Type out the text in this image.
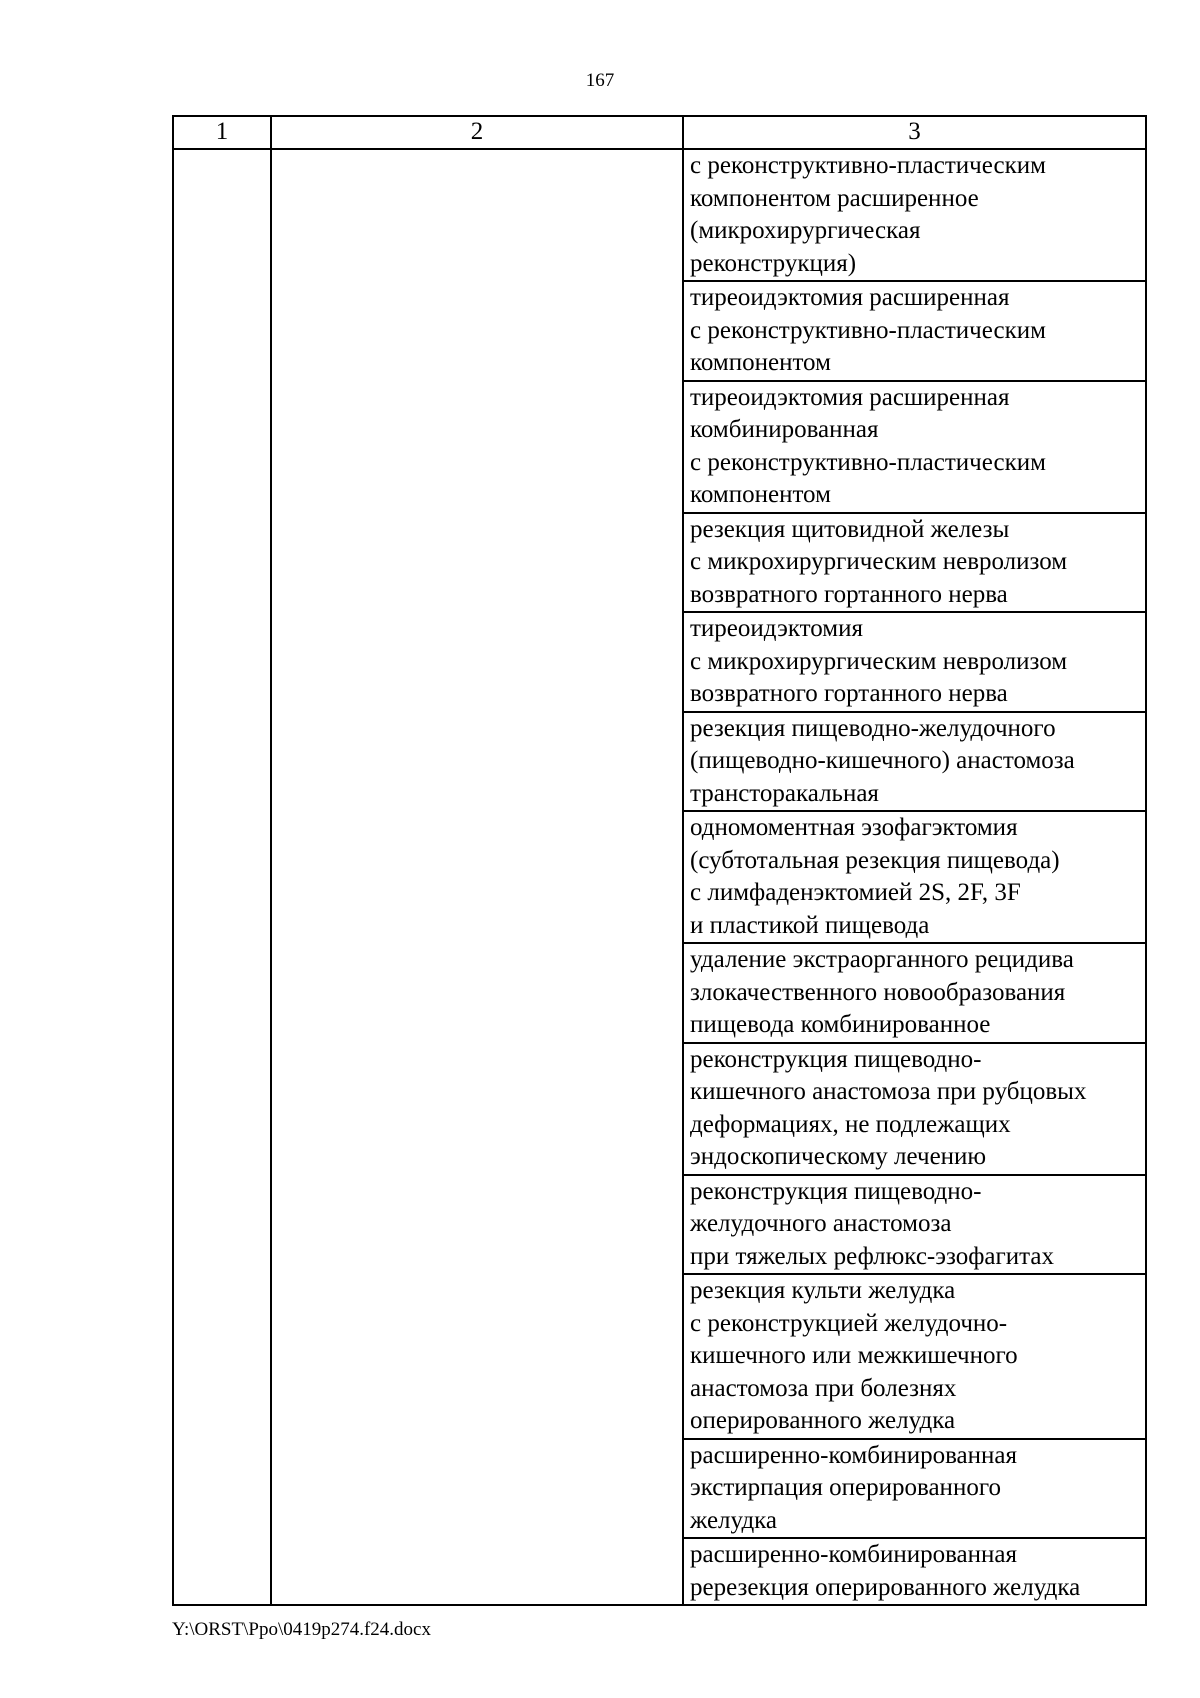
167
1	2	3

		с реконструктивно-пластическим
компонентом расширенное
(микрохирургическая
реконструкция)

		тиреоидэктомия расширенная
с реконструктивно-пластическим
компонентом

		тиреоидэктомия расширенная
комбинированная
с реконструктивно-пластическим
компонентом

		резекция щитовидной железы
с микрохирургическим невролизом
возвратного гортанного нерва

		тиреоидэктомия
с микрохирургическим невролизом
возвратного гортанного нерва

		резекция пищеводно-желудочного
(пищеводно-кишечного) анастомоза
трансторакальная

		одномоментная эзофагэктомия
(субтотальная резекция пищевода)
с лимфаденэктомией 2S, 2F, 3F
и пластикой пищевода

		удаление экстраорганного рецидива
злокачественного новообразования
пищевода комбинированное

		реконструкция пищеводно-
кишечного анастомоза при рубцовых
деформациях, не подлежащих
эндоскопическому лечению

		реконструкция пищеводно-
желудочного анастомоза
при тяжелых рефлюкс-эзофагитах

		резекция культи желудка
с реконструкцией желудочно-
кишечного или межкишечного
анастомоза при болезнях
оперированного желудка

		расширенно-комбинированная
экстирпация оперированного
желудка

		расширенно-комбинированная
ререзекция оперированного желудка
Y:\ORST\Ppo\0419p274.f24.docx
